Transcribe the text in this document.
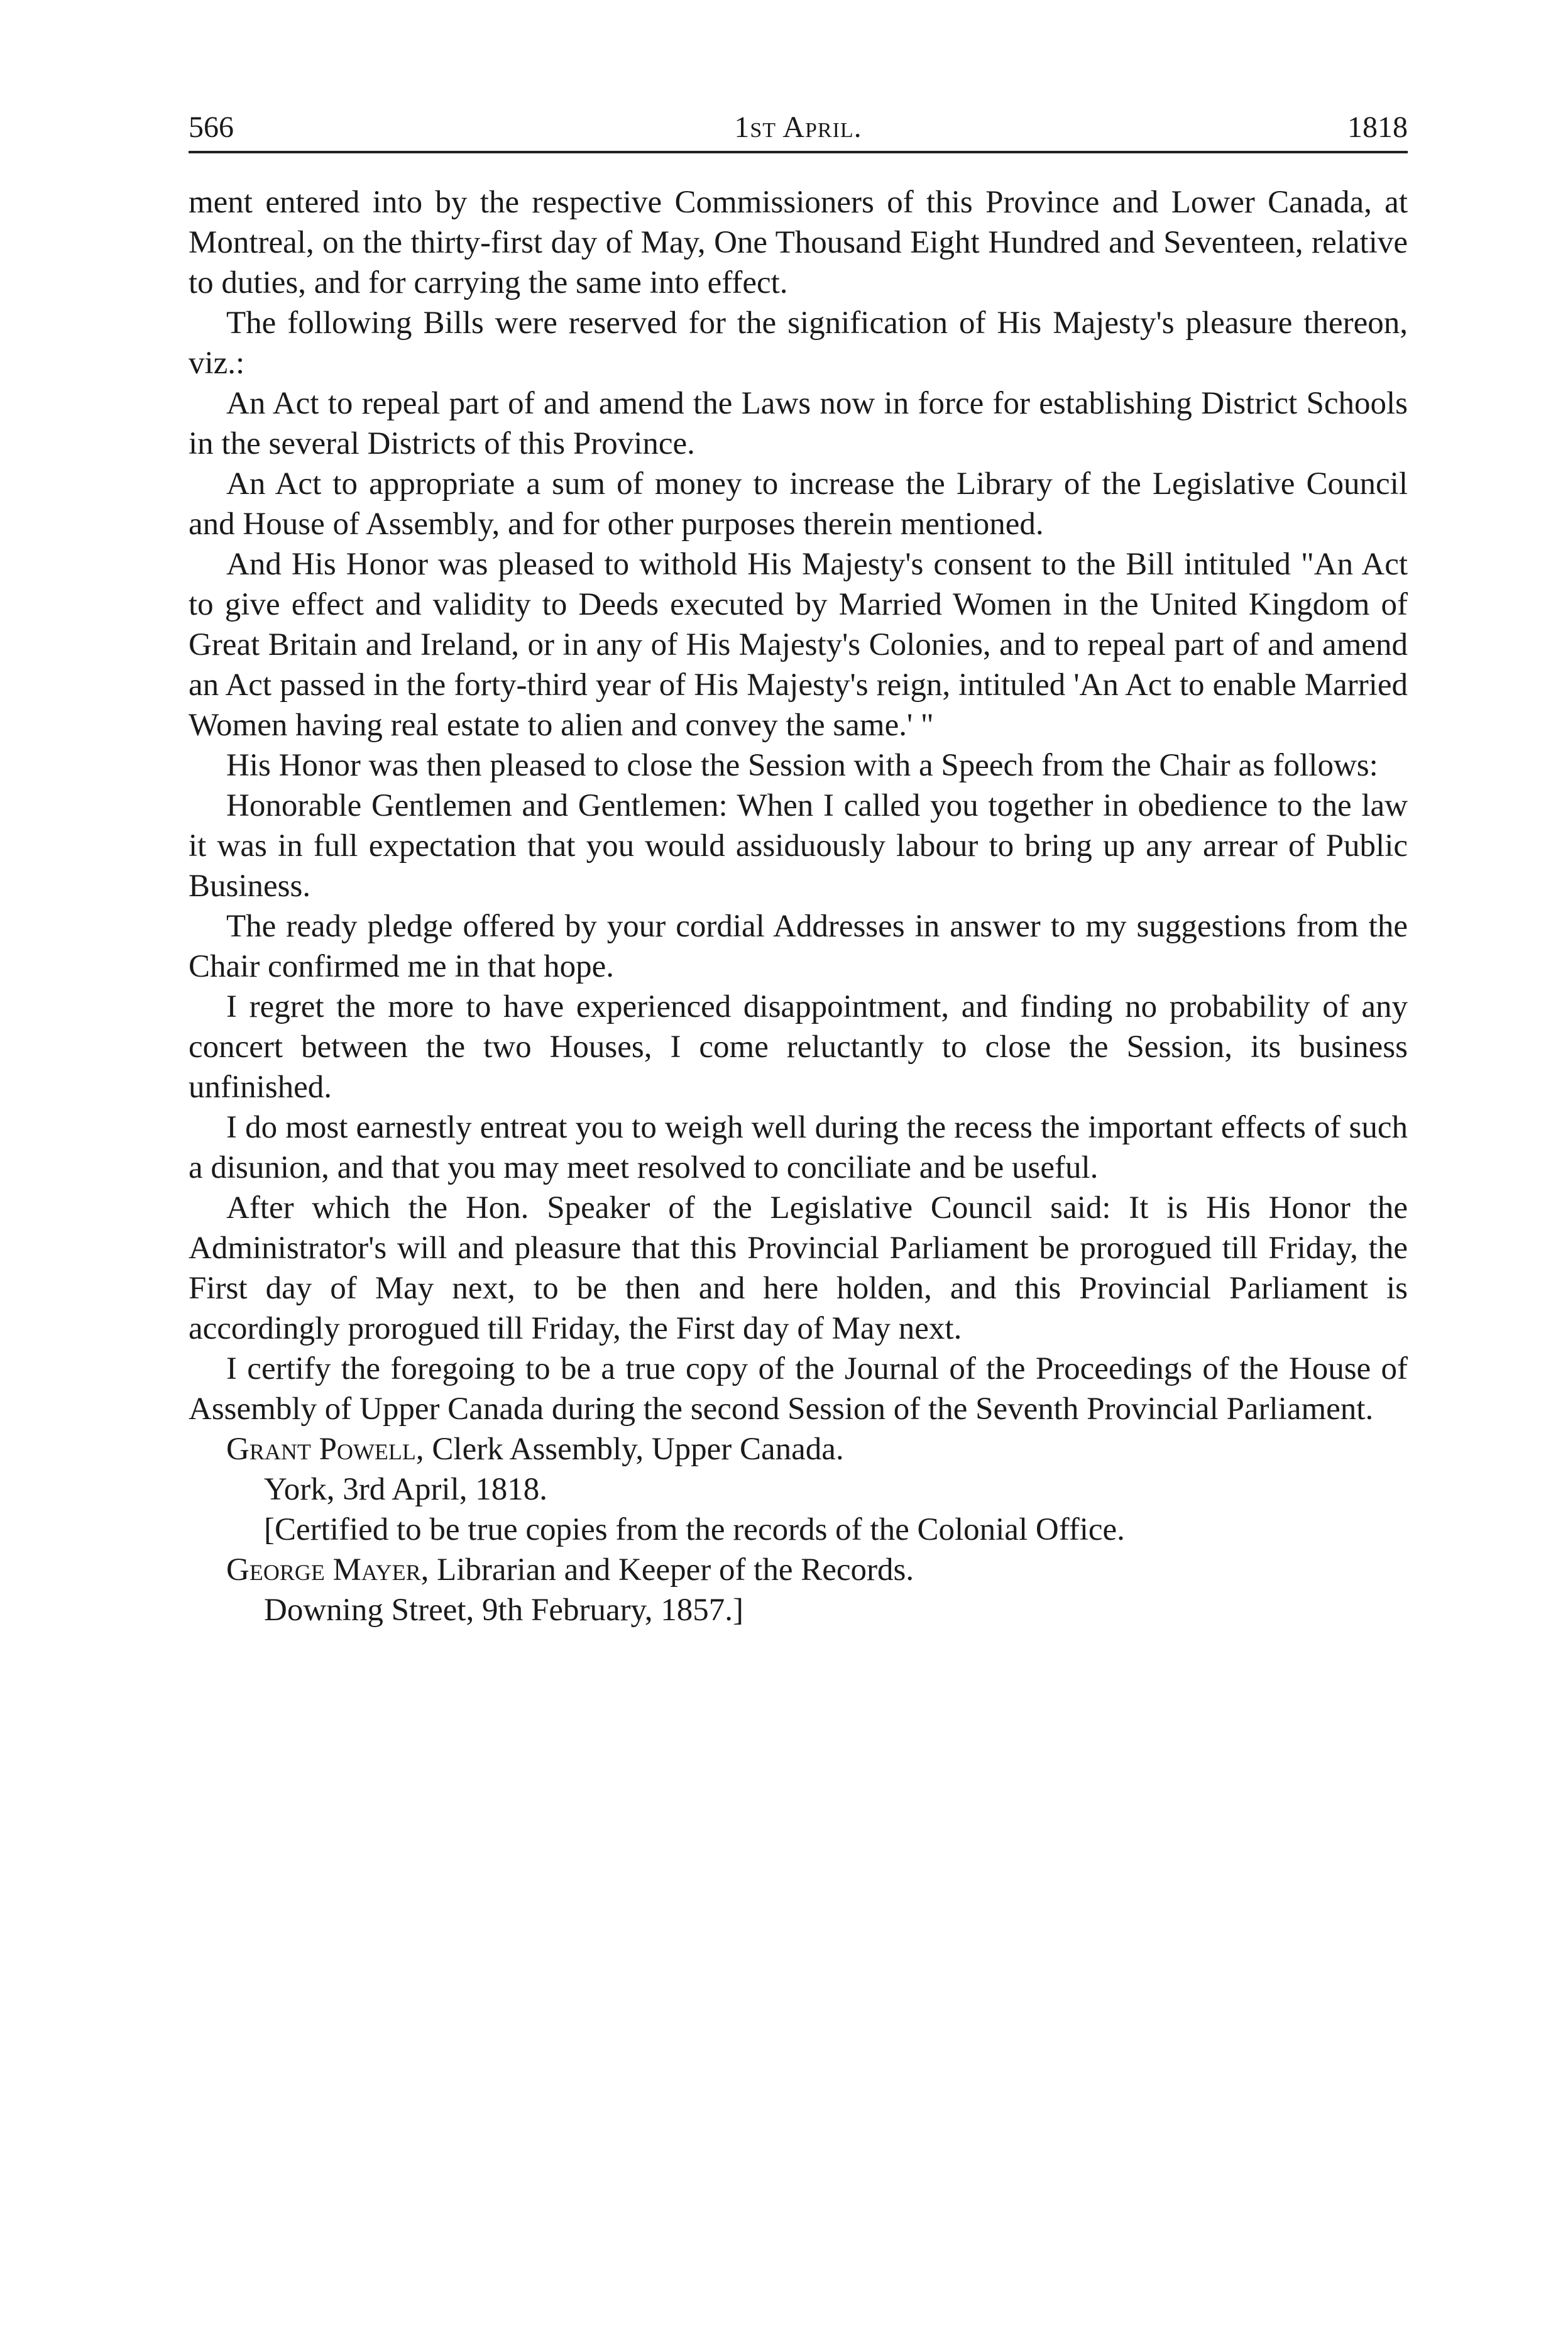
566	1st April.	1818

ment entered into by the respective Commissioners of this Province and Lower Canada, at Montreal, on the thirty-first day of May, One Thousand Eight Hundred and Seventeen, relative to duties, and for carrying the same into effect.

The following Bills were reserved for the signification of His Majesty's pleasure thereon, viz.:

An Act to repeal part of and amend the Laws now in force for establishing District Schools in the several Districts of this Province.

An Act to appropriate a sum of money to increase the Library of the Legislative Council and House of Assembly, and for other purposes therein mentioned.

And His Honor was pleased to withold His Majesty's consent to the Bill intituled "An Act to give effect and validity to Deeds executed by Married Women in the United Kingdom of Great Britain and Ireland, or in any of His Majesty's Colonies, and to repeal part of and amend an Act passed in the forty-third year of His Majesty's reign, intituled 'An Act to enable Married Women having real estate to alien and convey the same.' "

His Honor was then pleased to close the Session with a Speech from the Chair as follows:

Honorable Gentlemen and Gentlemen: When I called you together in obedience to the law it was in full expectation that you would assiduously labour to bring up any arrear of Public Business.

The ready pledge offered by your cordial Addresses in answer to my suggestions from the Chair confirmed me in that hope.

I regret the more to have experienced disappointment, and finding no probability of any concert between the two Houses, I come reluctantly to close the Session, its business unfinished.

I do most earnestly entreat you to weigh well during the recess the important effects of such a disunion, and that you may meet resolved to conciliate and be useful.

After which the Hon. Speaker of the Legislative Council said: It is His Honor the Administrator's will and pleasure that this Provincial Parliament be prorogued till Friday, the First day of May next, to be then and here holden, and this Provincial Parliament is accordingly prorogued till Friday, the First day of May next.

I certify the foregoing to be a true copy of the Journal of the Proceedings of the House of Assembly of Upper Canada during the second Session of the Seventh Provincial Parliament.

Grant Powell, Clerk Assembly, Upper Canada.

York, 3rd April, 1818.

[Certified to be true copies from the records of the Colonial Office.

George Mayer, Librarian and Keeper of the Records.

Downing Street, 9th February, 1857.]
